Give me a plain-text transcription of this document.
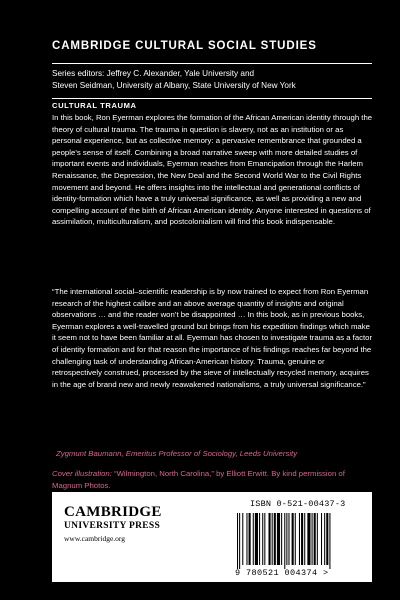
CAMBRIDGE CULTURAL SOCIAL STUDIES
Series editors: Jeffrey C. Alexander, Yale University and
Steven Seidman, University at Albany, State University of New York
CULTURAL TRAUMA
In this book, Ron Eyerman explores the formation of the African American identity through the theory of cultural trauma. The trauma in question is slavery, not as an institution or as personal experience, but as collective memory: a pervasive remembrance that grounded a people’s sense of itself. Combining a broad narrative sweep with more detailed studies of important events and individuals, Eyerman reaches from Emancipation through the Harlem Renaissance, the Depression, the New Deal and the Second World War to the Civil Rights movement and beyond. He offers insights into the intellectual and generational conflicts of identity-formation which have a truly universal significance, as well as providing a new and compelling account of the birth of African American identity. Anyone interested in questions of assimilation, multiculturalism, and postcolonialism will find this book indispensable.
“The international social–scientific readership is by now trained to expect from Ron Eyerman research of the highest calibre and an above average quantity of insights and original observations … and the reader won’t be disappointed … In this book, as in previous books, Eyerman explores a well-travelled ground but brings from his expedition findings which make it seem not to have been familiar at all. Eyerman has chosen to investigate trauma as a factor of identity formation and for that reason the importance of his findings reaches far beyond the challenging task of understanding African-American history. Trauma, genuine or retrospectively construed, processed by the sieve of intellectually recycled memory, acquires in the age of brand new and newly reawakened nationalisms, a truly universal significance.”
Zygmunt Baumann, Emeritus Professor of Sociology, Leeds University
Cover illustration: “Wilmington, North Carolina,” by Elliott Erwitt. By kind permission of Magnum Photos.
CAMBRIDGE
UNIVERSITY PRESS
www.cambridge.org
ISBN 0-521-00437-3
9 780521 004374 >
